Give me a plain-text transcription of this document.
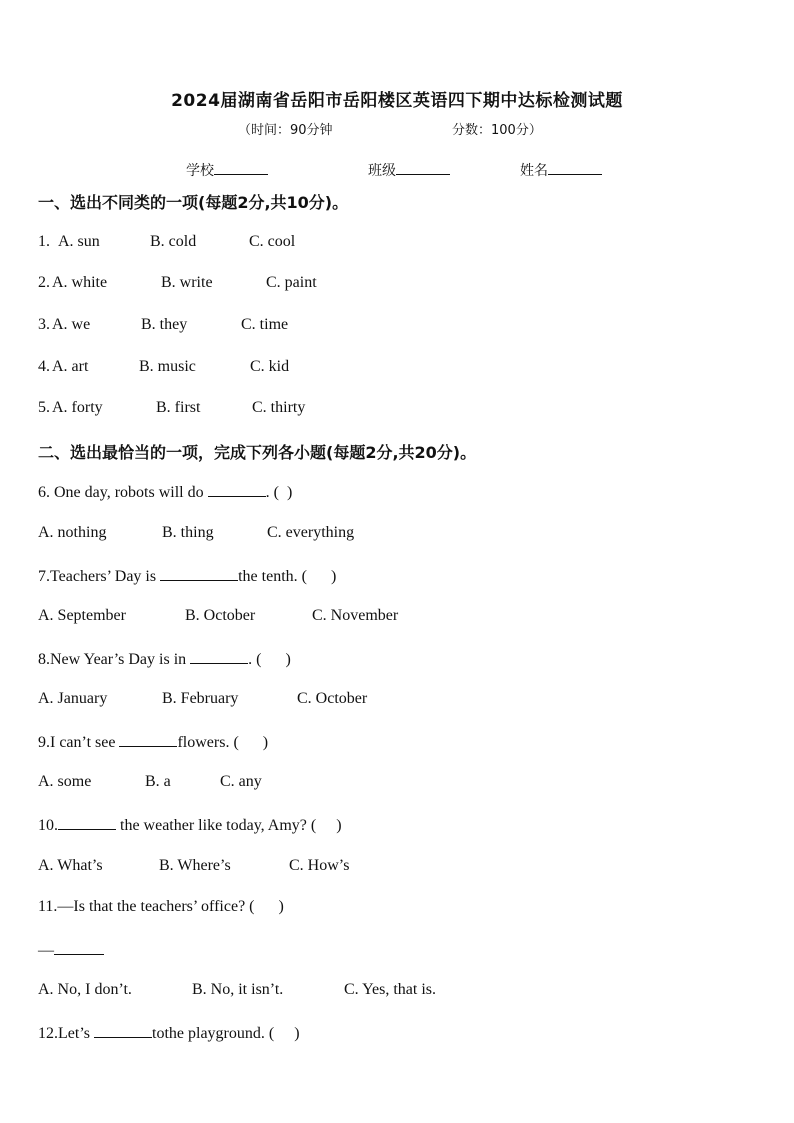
2024届湖南省岳阳市岳阳楼区英语四下期中达标检测试题
（时间：90分钟	分数：100分）
学校	班级	姓名
一、选出不同类的一项(每题2分,共10分)。
1. A. sun	B. cold	C. cool
2. A. white	B. write	C. paint
3. A. we	B. they	C. time
4. A. art	B. music	C. kid
5. A. forty	B. first	C. thirty
二、选出最恰当的一项，完成下列各小题(每题2分,共20分)。
6. One day, robots will do	. ( )
A. nothing	B. thing	C. everything
7.Teachers’ Day is	the tenth. ( )
A. September	B. October	C. November
8.New Year’s Day is in	. ( )
A. January	B. February	C. October
9.I can’t see	flowers. ( )
A. some	B. a	C. any
10.	the weather like today, Amy? ( )
A. What’s	B. Where’s	C. How’s
11.—Is that the teachers’ office? ( )
—
A. No, I don’t.	B. No, it isn’t.	C. Yes, that is.
12.Let’s	tothe playground. ( )
